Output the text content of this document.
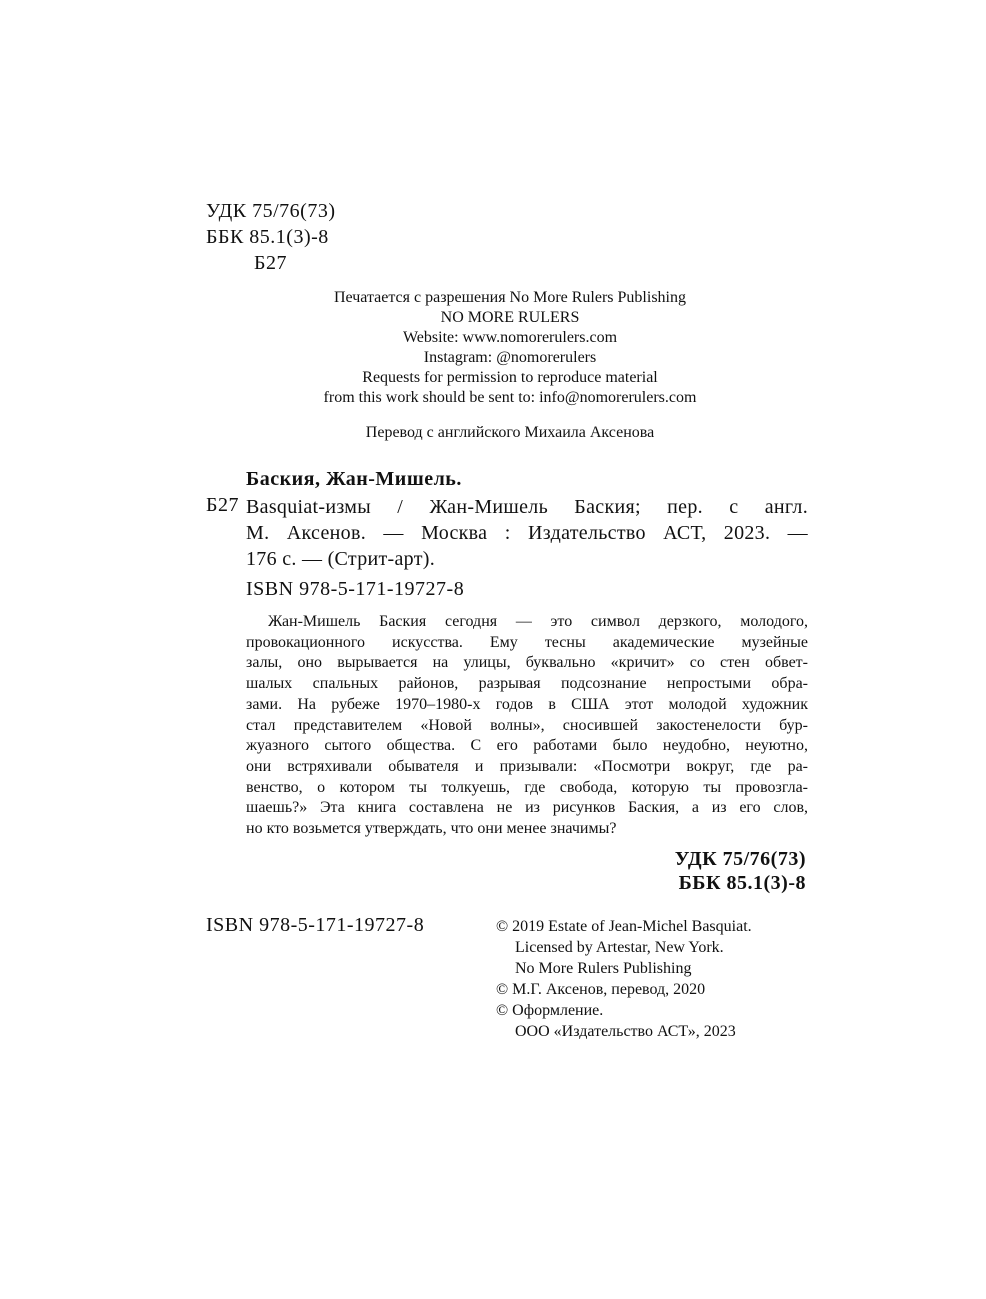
УДК 75/76(73)
ББК 85.1(3)-8
Б27
Печатается с разрешения No More Rulers Publishing
NO MORE RULERS
Website: www.nomorerulers.com
Instagram: @nomorerulers
Requests for permission to reproduce material
from this work should be sent to: info@nomorerulers.com
Перевод с английского Михаила Аксенова
Баския, Жан-Мишель.
Б27 Basquiat-измы / Жан-Мишель Баския; пер. с англ.
М. Аксенов. — Москва : Издательство АСТ, 2023. —
176 с. — (Стрит-арт).
ISBN 978-5-171-19727-8
Жан-Мишель Баския сегодня — это символ дерзкого, молодого,
провокационного искусства. Ему тесны академические музейные
залы, оно вырывается на улицы, буквально «кричит» со стен обвет-
шалых спальных районов, разрывая подсознание непростыми обра-
зами. На рубеже 1970–1980-х годов в США этот молодой художник
стал представителем «Новой волны», сносившей закостенелости бур-
жуазного сытого общества. С его работами было неудобно, неуютно,
они встряхивали обывателя и призывали: «Посмотри вокруг, где ра-
венство, о котором ты толкуешь, где свобода, которую ты провозгла-
шаешь?» Эта книга составлена не из рисунков Баския, а из его слов,
но кто возьмется утверждать, что они менее значимы?
УДК 75/76(73)
ББК 85.1(3)-8
ISBN 978-5-171-19727-8	© 2019 Estate of Jean-Michel Basquiat.
Licensed by Artestar, New York.
No More Rulers Publishing
© М.Г. Аксенов, перевод, 2020
© Оформление.
ООО «Издательство АСТ», 2023
